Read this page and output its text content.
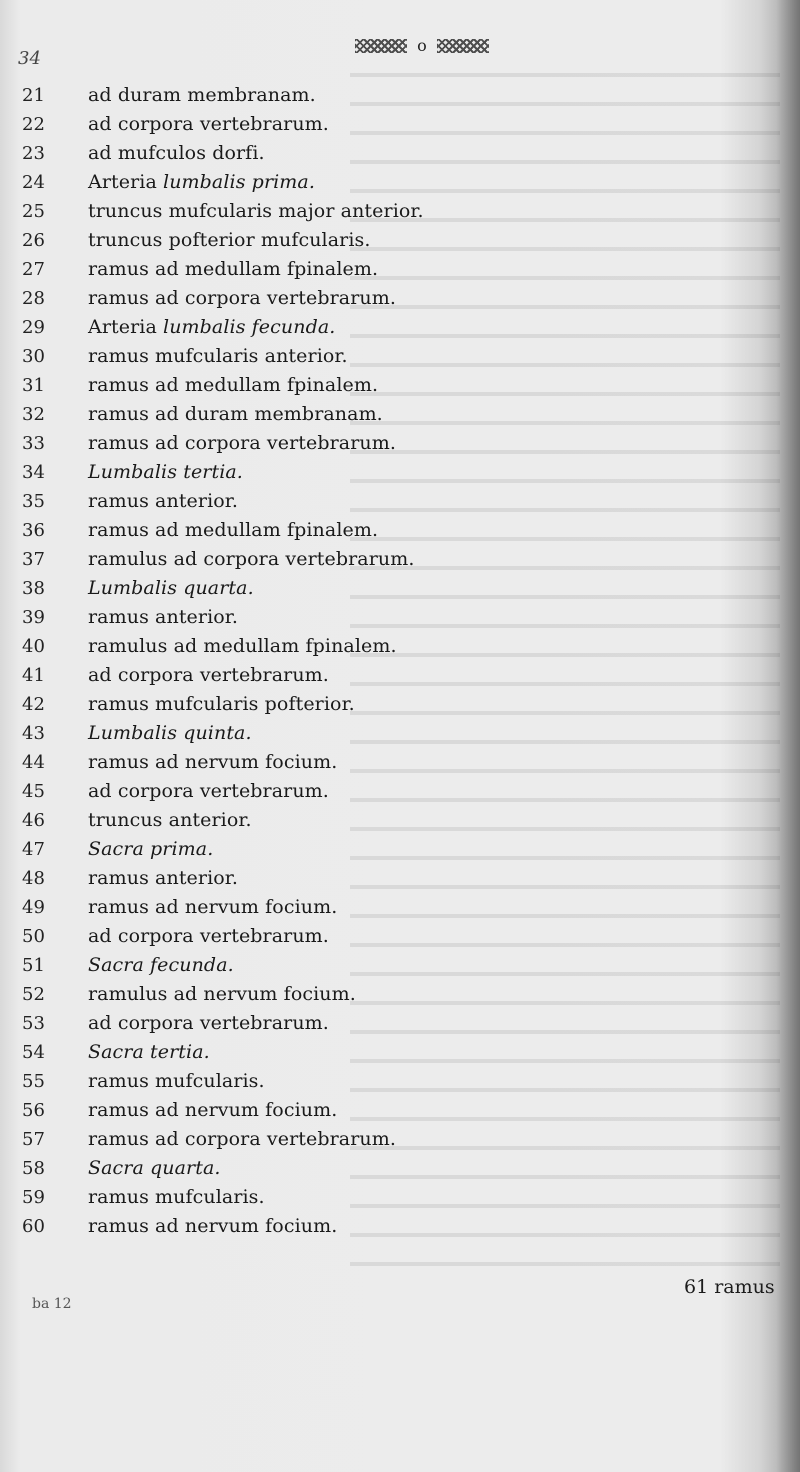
34
o
21	ad duram membranam.
22	ad corpora vertebrarum.
23	ad mufculos dorfi.
24	Arteria lumbalis prima.
25	truncus mufcularis major anterior.
26	truncus pofterior mufcularis.
27	ramus ad medullam fpinalem.
28	ramus ad corpora vertebrarum.
29	Arteria lumbalis fecunda.
30	ramus mufcularis anterior.
31	ramus ad medullam fpinalem.
32	ramus ad duram membranam.
33	ramus ad corpora vertebrarum.
34	Lumbalis tertia.
35	ramus anterior.
36	ramus ad medullam fpinalem.
37	ramulus ad corpora vertebrarum.
38	Lumbalis quarta.
39	ramus anterior.
40	ramulus ad medullam fpinalem.
41	ad corpora vertebrarum.
42	ramus mufcularis pofterior.
43	Lumbalis quinta.
44	ramus ad nervum focium.
45	ad corpora vertebrarum.
46	truncus anterior.
47	Sacra prima.
48	ramus anterior.
49	ramus ad nervum focium.
50	ad corpora vertebrarum.
51	Sacra fecunda.
52	ramulus ad nervum focium.
53	ad corpora vertebrarum.
54	Sacra tertia.
55	ramus mufcularis.
56	ramus ad nervum focium.
57	ramus ad corpora vertebrarum.
58	Sacra quarta.
59	ramus mufcularis.
60	ramus ad nervum focium.
ba 12
61 ramus
